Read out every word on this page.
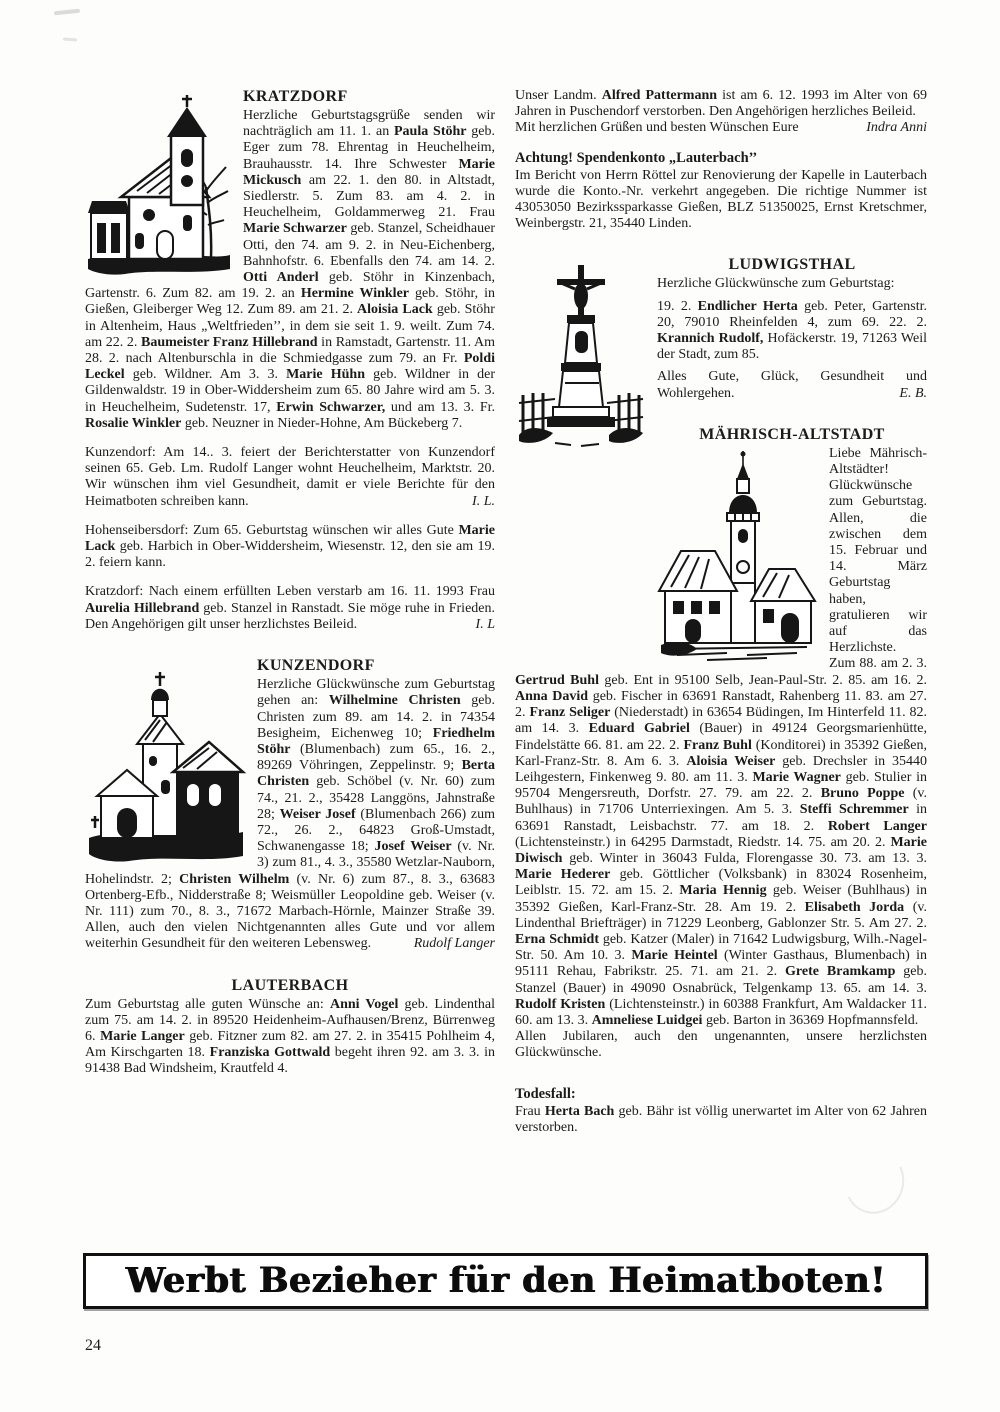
KRATZDORF

Herzliche Geburtstagsgrüße senden wir nachträglich am 11. 1. an Paula Stöhr geb. Eger zum 78. Ehrentag in Heuchelheim, Brauhausstr. 14. Ihre Schwester Marie Mickusch am 22. 1. den 80. in Altstadt, Siedlerstr. 5. Zum 83. am 4. 2. in Heuchelheim, Goldammerweg 21. Frau Marie Schwarzer geb. Stanzel, Scheidhauer Otti, den 74. am 9. 2. in Neu-Eichenberg, Bahnhofstr. 6. Ebenfalls den 74. am 14. 2. Otti Anderl geb. Stöhr in Kinzenbach, Gartenstr. 6. Zum 82. am 19. 2. an Hermine Winkler geb. Stöhr, in Gießen, Gleiberger Weg 12. Zum 89. am 21. 2. Aloisia Lack geb. Stöhr in Altenheim, Haus „Weltfrieden’’, in dem sie seit 1. 9. weilt. Zum 74. am 22. 2. Baumeister Franz Hillebrand in Ramstadt, Gartenstr. 11. Am 28. 2. nach Altenburschla in die Schmiedgasse zum 79. an Fr. Poldi Leckel geb. Wildner. Am 3. 3. Marie Hühn geb. Wildner in der Gildenwaldstr. 19 in Ober-Widdersheim zum 65. 80 Jahre wird am 5. 3. in Heuchelheim, Sudetenstr. 17, Erwin Schwarzer, und am 13. 3. Fr. Rosalie Winkler geb. Neuzner in Nieder-Hohne, Am Bückeberg 7.

Kunzendorf: Am 14.. 3. feiert der Berichterstatter von Kunzendorf seinen 65. Geb. Lm. Rudolf Langer wohnt Heuchelheim, Marktstr. 20. Wir wünschen ihm viel Gesundheit, damit er viele Berichte für den Heimatboten schreiben kann.	I. L.

Hohenseibersdorf: Zum 65. Geburtstag wünschen wir alles Gute Marie Lack geb. Harbich in Ober-Widdersheim, Wiesenstr. 12, den sie am 19. 2. feiern kann.

Kratzdorf: Nach einem erfüllten Leben verstarb am 16. 11. 1993 Frau Aurelia Hillebrand geb. Stanzel in Ranstadt. Sie möge ruhe in Frieden. Den Angehörigen gilt unser herzlichstes Beileid.	I. L

KUNZENDORF

Herzliche Glückwünsche zum Geburtstag gehen an: Wilhelmine Christen geb. Christen zum 89. am 14. 2. in 74354 Besigheim, Eichenweg 10; Friedhelm Stöhr (Blumenbach) zum 65., 16. 2., 89269 Vöhringen, Zeppelinstr. 9; Berta Christen geb. Schöbel (v. Nr. 60) zum 74., 21. 2., 35428 Langgöns, Jahnstraße 28; Weiser Josef (Blumenbach 266) zum 72., 26. 2., 64823 Groß-Umstadt, Schwanengasse 18; Josef Weiser (v. Nr. 3) zum 81., 4. 3., 35580 Wetzlar-Nauborn, Hohelindstr. 2; Christen Wilhelm (v. Nr. 6) zum 87., 8. 3., 63683 Ortenberg-Efb., Nidderstraße 8; Weismüller Leopoldine geb. Weiser (v. Nr. 111) zum 70., 8. 3., 71672 Marbach-Hörnle, Mainzer Straße 39. Allen, auch den vielen Nichtgenannten alles Gute und vor allem weiterhin Gesundheit für den weiteren Lebensweg.	Rudolf Langer

LAUTERBACH

Zum Geburtstag alle guten Wünsche an: Anni Vogel geb. Lindenthal zum 75. am 14. 2. in 89520 Heidenheim-Aufhausen/Brenz, Bürrenweg 6. Marie Langer geb. Fitzner zum 82. am 27. 2. in 35415 Pohlheim 4, Am Kirschgarten 18. Franziska Gottwald begeht ihren 92. am 3. 3. in 91438 Bad Windsheim, Krautfeld 4.

Unser Landm. Alfred Pattermann ist am 6. 12. 1993 im Alter von 69 Jahren in Puschendorf verstorben. Den Angehörigen herzliches Beileid.
Mit herzlichen Grüßen und besten Wünschen Eure	Indra Anni

Achtung! Spendenkonto „Lauterbach’’

Im Bericht von Herrn Röttel zur Renovierung der Kapelle in Lauterbach wurde die Konto.-Nr. verkehrt angegeben. Die richtige Nummer ist 43053050 Bezirkssparkasse Gießen, BLZ 51350025, Ernst Kretschmer, Weinbergstr. 21, 35440 Linden.

LUDWIGSTHAL

Herzliche Glückwünsche zum Geburtstag:

19. 2. Endlicher Herta geb. Peter, Gartenstr. 20, 79010 Rheinfelden 4, zum 69. 22. 2. Krannich Rudolf, Hofäckerstr. 19, 71263 Weil der Stadt, zum 85.

Alles Gute, Glück, Gesundheit und Wohlergehen.	E. B.

MÄHRISCH-ALTSTADT

Liebe Mährisch-Altstädter!
Glückwünsche zum Geburtstag. Allen, die zwischen dem 15. Februar und 14. März Geburtstag haben, gratulieren wir auf das Herzlichste.

Zum 88. am 2. 3. Gertrud Buhl geb. Ent in 95100 Selb, Jean-Paul-Str. 2. 85. am 16. 2. Anna David geb. Fischer in 63691 Ranstadt, Rahenberg 11. 83. am 27. 2. Franz Seliger (Niederstadt) in 63654 Büdingen, Im Hinterfeld 11. 82. am 14. 3. Eduard Gabriel (Bauer) in 49124 Georgsmarienhütte, Findelstätte 66. 81. am 22. 2. Franz Buhl (Konditorei) in 35392 Gießen, Karl-Franz-Str. 8. Am 6. 3. Aloisia Weiser geb. Drechsler in 35440 Leihgestern, Finkenweg 9. 80. am 11. 3. Marie Wagner geb. Stulier in 95704 Mengersreuth, Dorfstr. 27. 79. am 22. 2. Bruno Poppe (v. Buhlhaus) in 71706 Unterriexingen. Am 5. 3. Steffi Schremmer in 63691 Ranstadt, Leisbachstr. 77. am 18. 2. Robert Langer (Lichtensteinstr.) in 64295 Darmstadt, Riedstr. 14. 75. am 20. 2. Marie Diwisch geb. Winter in 36043 Fulda, Florengasse 30. 73. am 13. 3. Marie Hederer geb. Göttlicher (Volksbank) in 83024 Rosenheim, Leiblstr. 15. 72. am 15. 2. Maria Hennig geb. Weiser (Buhlhaus) in 35392 Gießen, Karl-Franz-Str. 28. Am 19. 2. Elisabeth Jorda (v. Lindenthal Briefträger) in 71229 Leonberg, Gablonzer Str. 5. Am 27. 2. Erna Schmidt geb. Katzer (Maler) in 71642 Ludwigsburg, Wilh.-Nagel-Str. 50. Am 10. 3. Marie Heintel (Winter Gasthaus, Blumenbach) in 95111 Rehau, Fabrikstr. 25. 71. am 21. 2. Grete Bramkamp geb. Stanzel (Bauer) in 49090 Osnabrück, Telgenkamp 13. 65. am 14. 3. Rudolf Kristen (Lichtensteinstr.) in 60388 Frankfurt, Am Waldacker 11. 60. am 13. 3. Amneliese Luidgei geb. Barton in 36369 Hopfmannsfeld.

Allen Jubilaren, auch den ungenannten, unsere herzlichsten Glückwünsche.

Todesfall:

Frau Herta Bach geb. Bähr ist völlig unerwartet im Alter von 62 Jahren verstorben.

Werbt Bezieher für den Heimatboten!
24
